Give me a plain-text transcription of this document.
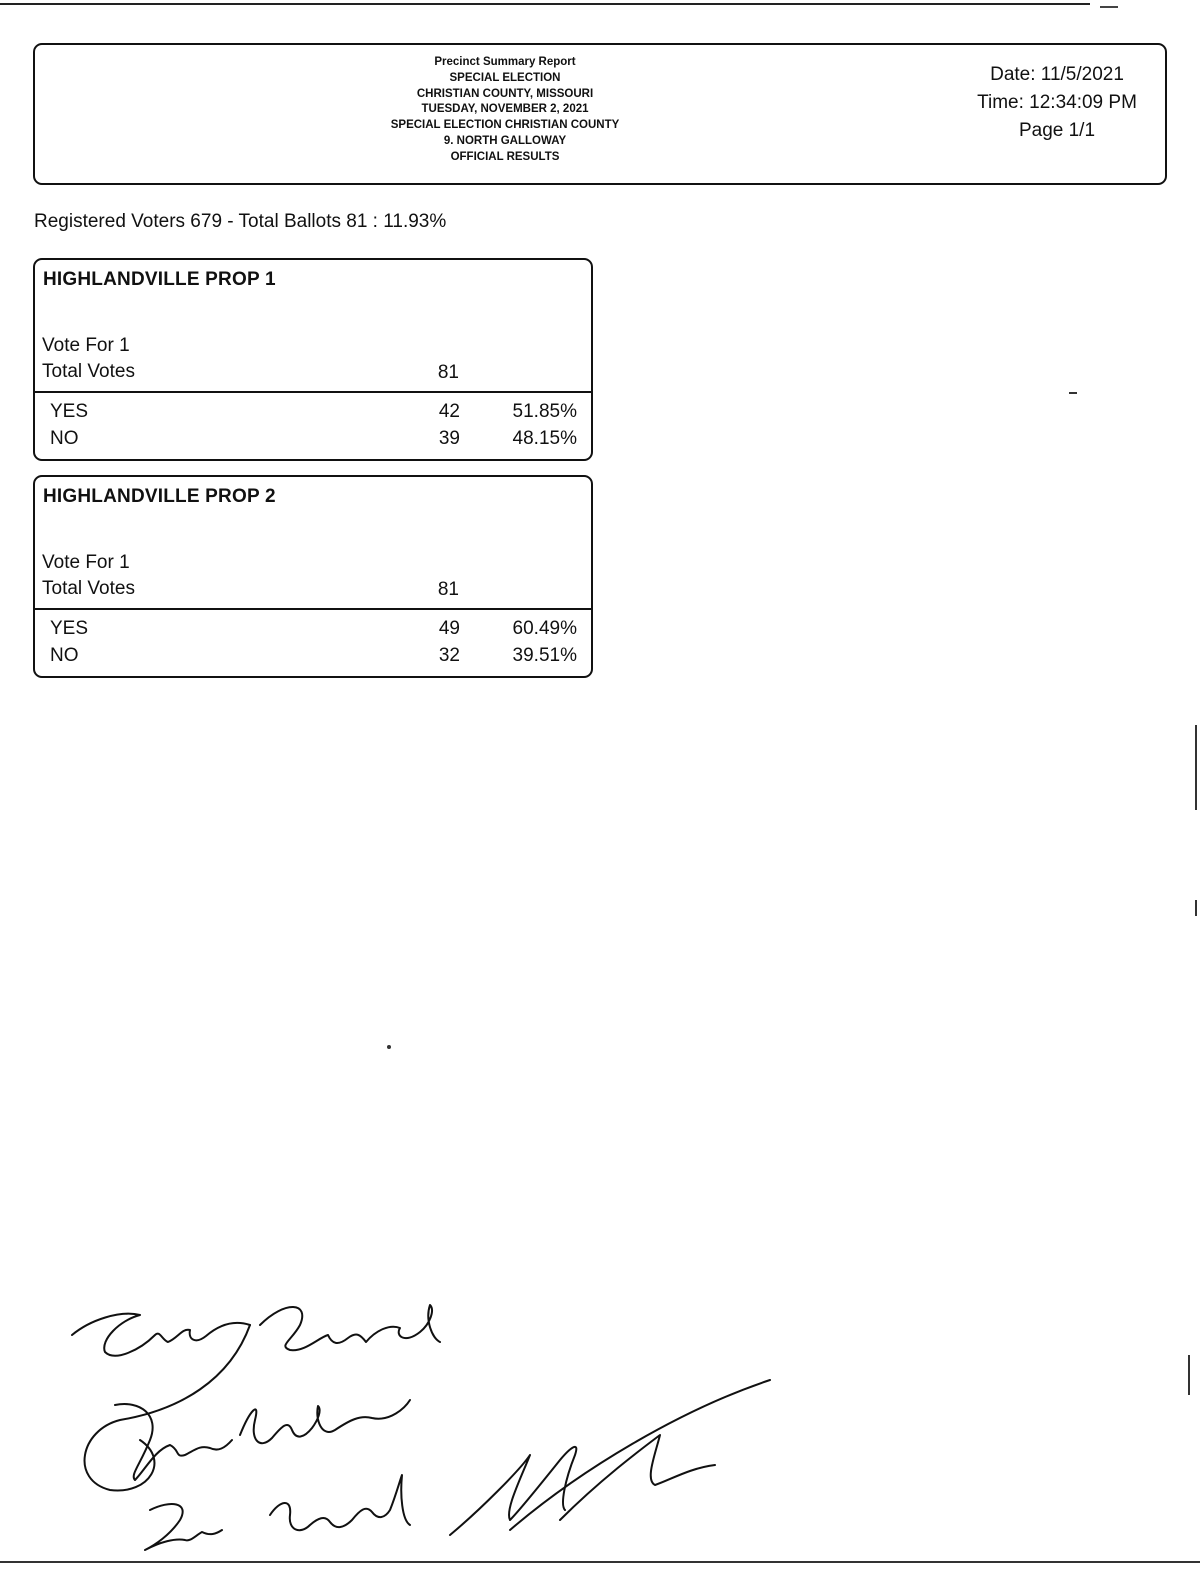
Precinct Summary Report
SPECIAL ELECTION
CHRISTIAN COUNTY, MISSOURI
TUESDAY, NOVEMBER 2, 2021
SPECIAL ELECTION CHRISTIAN COUNTY
9. NORTH GALLOWAY
OFFICIAL RESULTS
Date: 11/5/2021
Time: 12:34:09 PM
Page 1/1
Registered Voters 679 - Total Ballots 81 : 11.93%
HIGHLANDVILLE PROP 1
Vote For 1
Total Votes	81
YES	42	51.85%
NO	39	48.15%
HIGHLANDVILLE PROP 2
Vote For 1
Total Votes	81
YES	49	60.49%
NO	32	39.51%
